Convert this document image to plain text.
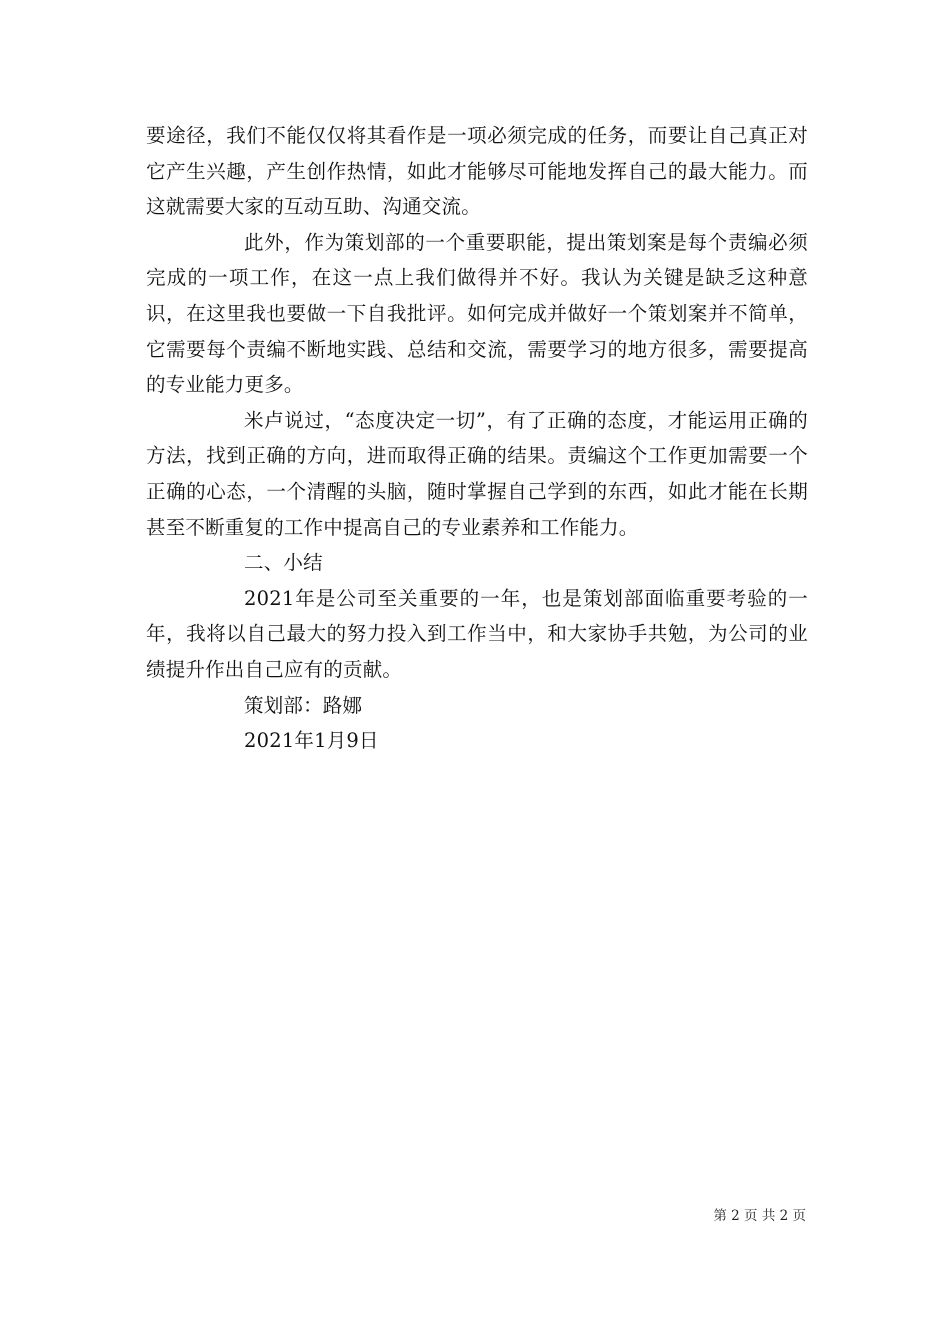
要途径，我们不能仅仅将其看作是一项必须完成的任务，而要让自己真正对它产生兴趣，产生创作热情，如此才能够尽可能地发挥自己的最大能力。而这就需要大家的互动互助、沟通交流。

此外，作为策划部的一个重要职能，提出策划案是每个责编必须完成的一项工作，在这一点上我们做得并不好。我认为关键是缺乏这种意识，在这里我也要做一下自我批评。如何完成并做好一个策划案并不简单，它需要每个责编不断地实践、总结和交流，需要学习的地方很多，需要提高的专业能力更多。

米卢说过，“态度决定一切”，有了正确的态度，才能运用正确的方法，找到正确的方向，进而取得正确的结果。责编这个工作更加需要一个正确的心态，一个清醒的头脑，随时掌握自己学到的东西，如此才能在长期甚至不断重复的工作中提高自己的专业素养和工作能力。

二、小结

2021年是公司至关重要的一年，也是策划部面临重要考验的一年，我将以自己最大的努力投入到工作当中，和大家协手共勉，为公司的业绩提升作出自己应有的贡献。

策划部：路娜

2021年1月9日

第 2 页 共 2 页
